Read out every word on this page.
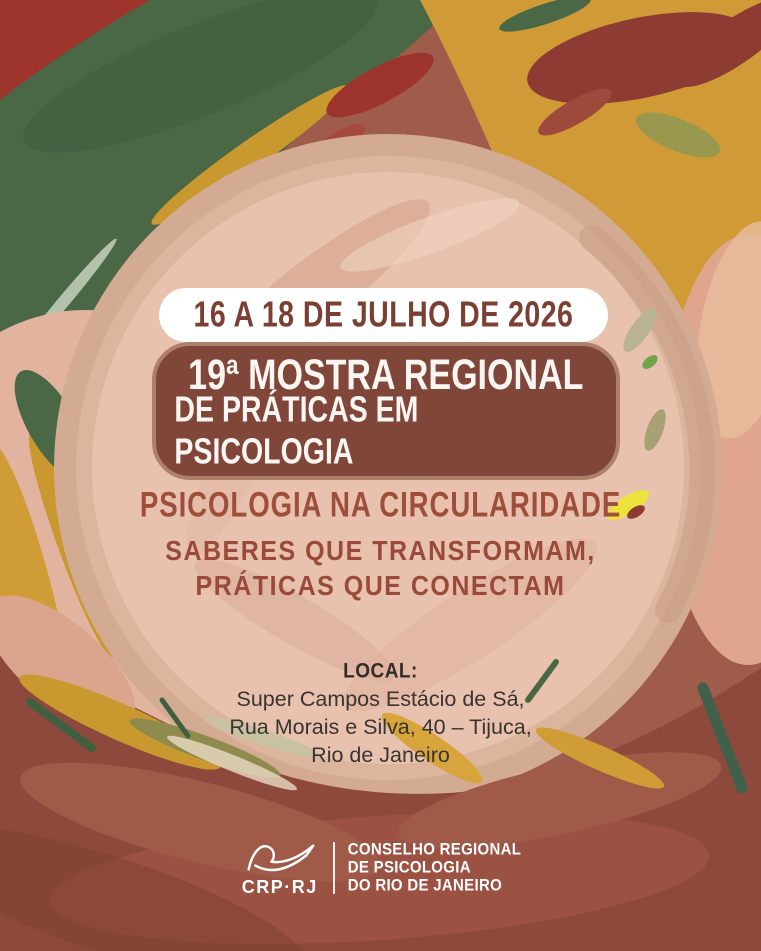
16 A 18 DE JULHO DE 2026
19ª MOSTRA REGIONAL
DE PRÁTICAS EM PSICOLOGIA
PSICOLOGIA NA CIRCULARIDADE
SABERES QUE TRANSFORMAM,
PRÁTICAS QUE CONECTAM
LOCAL:
Super Campos Estácio de Sá,
Rua Morais e Silva, 40 – Tijuca,
Rio de Janeiro
CRP·RJ
CONSELHO REGIONAL
DE PSICOLOGIA
DO RIO DE JANEIRO
